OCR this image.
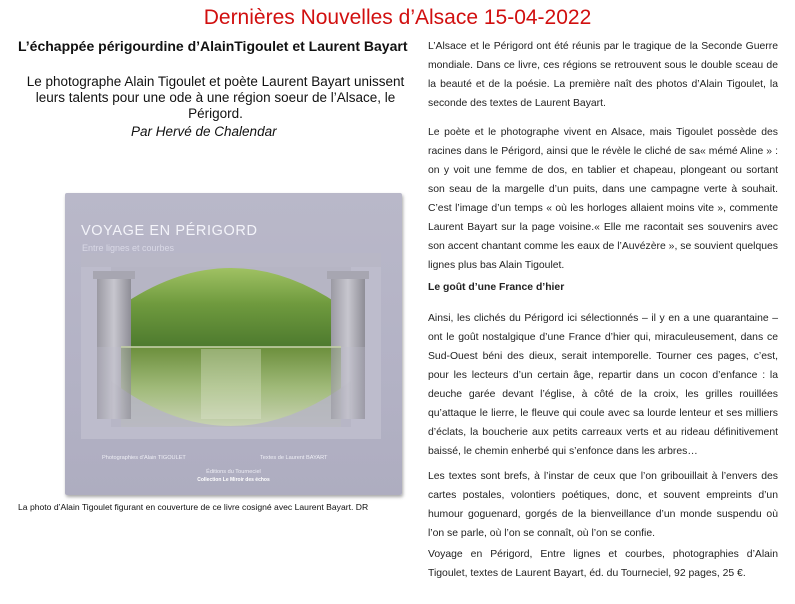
Dernières Nouvelles d’Alsace 15-04-2022
L’échappée périgourdine d’AlainTigoulet et Laurent Bayart
Le photographe Alain Tigoulet et poète Laurent Bayart unissent leurs talents pour une ode à une région soeur de l’Alsace, le Périgord.
Par Hervé de Chalendar
VOYAGE EN PÉRIGORD
Entre lignes et courbes
Photographies d’Alain TIGOULET	Textes de Laurent BAYART
Éditions du Tourneciel
Collection Le Miroir des échos
La photo d’Alain Tigoulet figurant en couverture de ce livre cosigné avec Laurent Bayart. DR

L’Alsace et le Périgord ont été réunis par le tragique de la Seconde Guerre mondiale. Dans ce livre, ces régions se retrouvent sous le double sceau de la beauté et de la poésie. La première naît des photos d’Alain Tigoulet, la seconde des textes de Laurent Bayart.

Le poète et le photographe vivent en Alsace, mais Tigoulet possède des racines dans le Périgord, ainsi que le révèle le cliché de sa« mémé Aline » : on y voit une femme de dos, en tablier et chapeau, plongeant ou sortant son seau de la margelle d’un puits, dans une campagne verte à souhait. C’est l’image d’un temps « où les horloges allaient moins vite », commente Laurent Bayart sur la page voisine.« Elle me racontait ses souvenirs avec son accent chantant comme les eaux de l’Auvézère », se souvient quelques lignes plus bas Alain Tigoulet.

Le goût d’une France d’hier

Ainsi, les clichés du Périgord ici sélectionnés – il y en a une quarantaine – ont le goût nostalgique d’une France d’hier qui, miraculeusement, dans ce Sud-Ouest béni des dieux, serait intemporelle. Tourner ces pages, c’est, pour les lecteurs d’un certain âge, repartir dans un cocon d’enfance : la deuche garée devant l’église, à côté de la croix, les grilles rouillées qu’attaque le lierre, le fleuve qui coule avec sa lourde lenteur et ses milliers d’éclats, la boucherie aux petits carreaux verts et au rideau définitivement baissé, le chemin enherbé qui s’enfonce dans les arbres…

Les textes sont brefs, à l’instar de ceux que l’on gribouillait à l’envers des cartes postales, volontiers poétiques, donc, et souvent empreints d’un humour goguenard, gorgés de la bienveillance d’un monde suspendu où l’on se parle, où l’on se connaît, où l’on se confie.

Voyage en Périgord, Entre lignes et courbes, photographies d’Alain Tigoulet, textes de Laurent Bayart, éd. du Tourneciel, 92 pages, 25 €.
